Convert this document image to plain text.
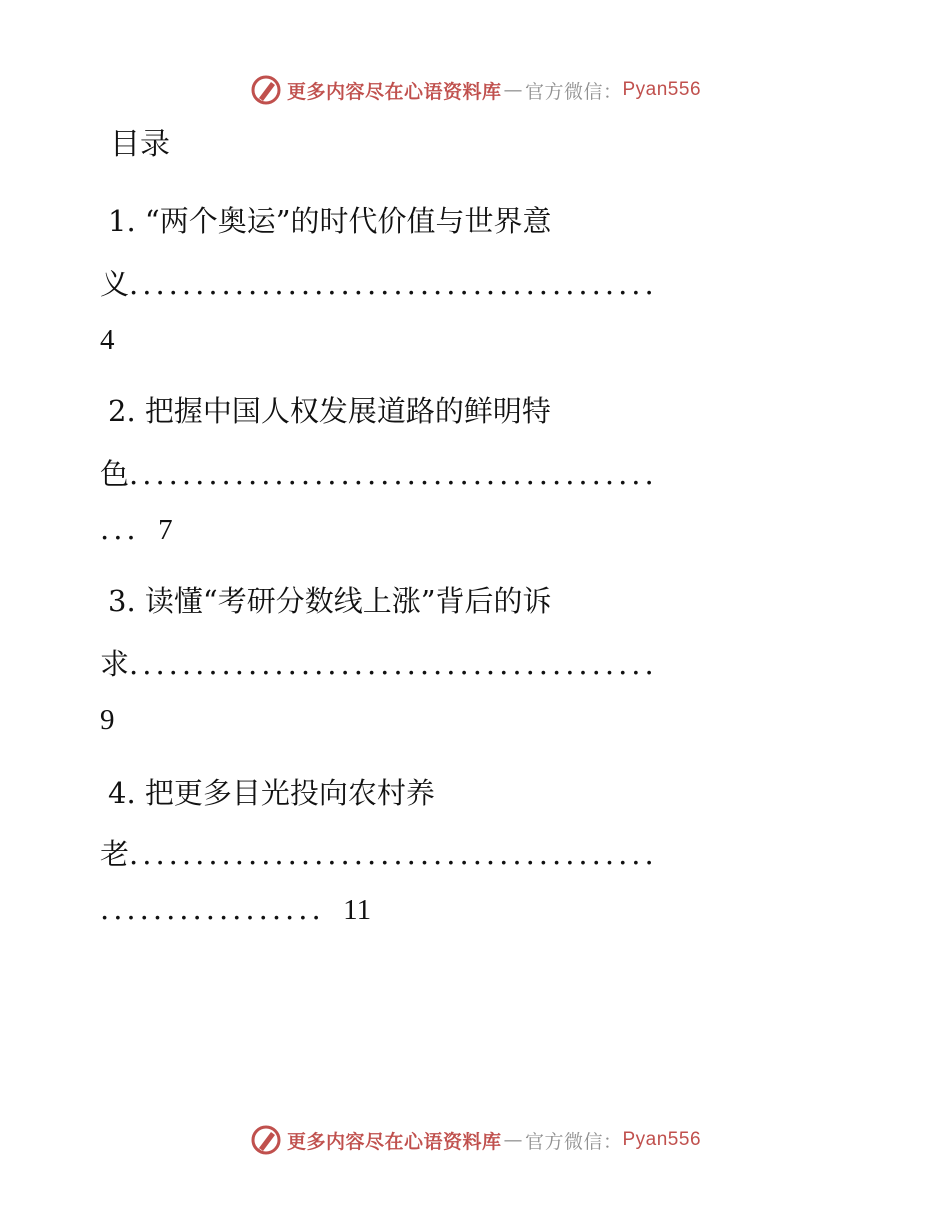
更多内容尽在心语资料库 — 官方微信： Pyan556
目录
1. “两个奥运”的时代价值与世界意
义........................................
4
2. 把握中国人权发展道路的鲜明特
色........................................
... 7
3. 读懂“考研分数线上涨”背后的诉
求........................................
9
4. 把更多目光投向农村养
老........................................
................. 11
更多内容尽在心语资料库 — 官方微信： Pyan556
